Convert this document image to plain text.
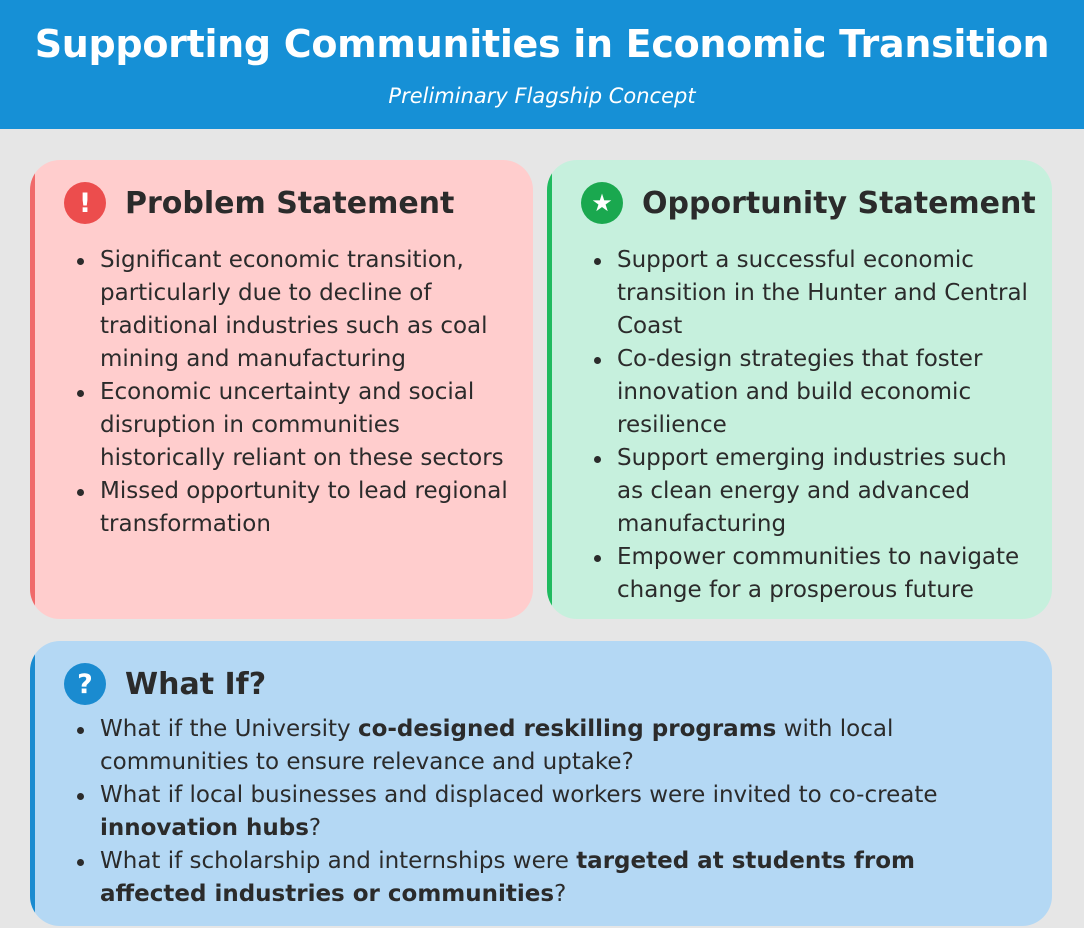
Supporting Communities in Economic Transition
Preliminary Flagship Concept
!	Problem Statement
Significant economic transition, particularly due to decline of traditional industries such as coal mining and manufacturing
Economic uncertainty and social disruption in communities historically reliant on these sectors
Missed opportunity to lead regional transformation
★ Opportunity Statement
Support a successful economic transition in the Hunter and Central Coast
Co-design strategies that foster innovation and build economic resilience
Support emerging industries such as clean energy and advanced manufacturing
Empower communities to navigate change for a prosperous future
?	What If?
What if the University co-designed reskilling programs with local communities to ensure relevance and uptake?
What if local businesses and displaced workers were invited to co-create innovation hubs?
What if scholarship and internships were targeted at students from affected industries or communities?
